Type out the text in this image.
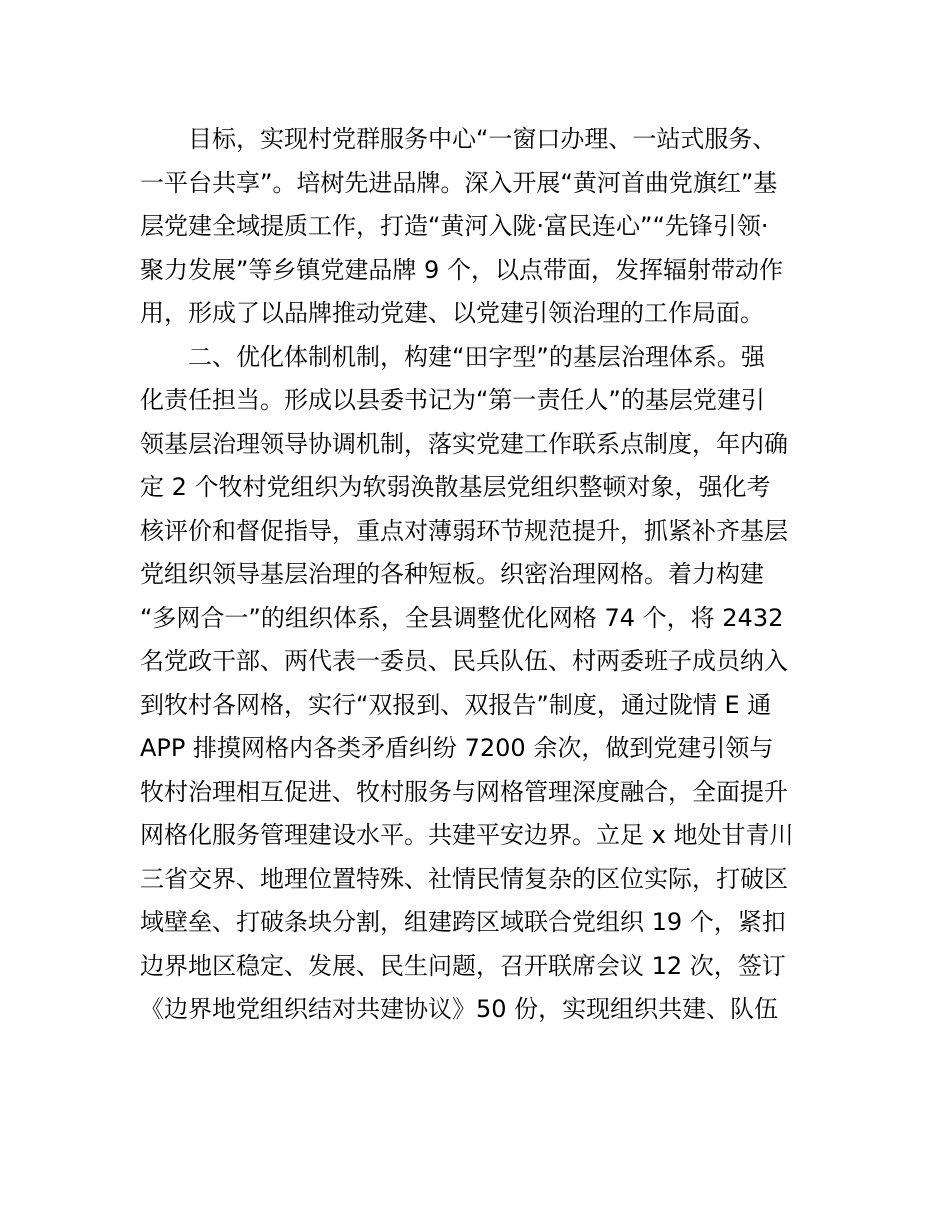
　　目标，实现村党群服务中心“一窗口办理、一站式服务、
一平台共享”。培树先进品牌。深入开展“黄河首曲党旗红”基
层党建全域提质工作，打造“黄河入陇·富民连心”“先锋引领·
聚力发展”等乡镇党建品牌 9 个，以点带面，发挥辐射带动作
用，形成了以品牌推动党建、以党建引领治理的工作局面。
　　二、优化体制机制，构建“田字型”的基层治理体系。强
化责任担当。形成以县委书记为“第一责任人”的基层党建引
领基层治理领导协调机制，落实党建工作联系点制度，年内确
定 2 个牧村党组织为软弱涣散基层党组织整顿对象，强化考
核评价和督促指导，重点对薄弱环节规范提升，抓紧补齐基层
党组织领导基层治理的各种短板。织密治理网格。着力构建
“多网合一”的组织体系，全县调整优化网格 74 个，将 2432
名党政干部、两代表一委员、民兵队伍、村两委班子成员纳入
到牧村各网格，实行“双报到、双报告”制度，通过陇情 E 通
APP 排摸网格内各类矛盾纠纷 7200 余次，做到党建引领与
牧村治理相互促进、牧村服务与网格管理深度融合，全面提升
网格化服务管理建设水平。共建平安边界。立足 x 地处甘青川
三省交界、地理位置特殊、社情民情复杂的区位实际，打破区
域壁垒、打破条块分割，组建跨区域联合党组织 19 个，紧扣
边界地区稳定、发展、民生问题，召开联席会议 12 次，签订
《边界地党组织结对共建协议》50 份，实现组织共建、队伍
